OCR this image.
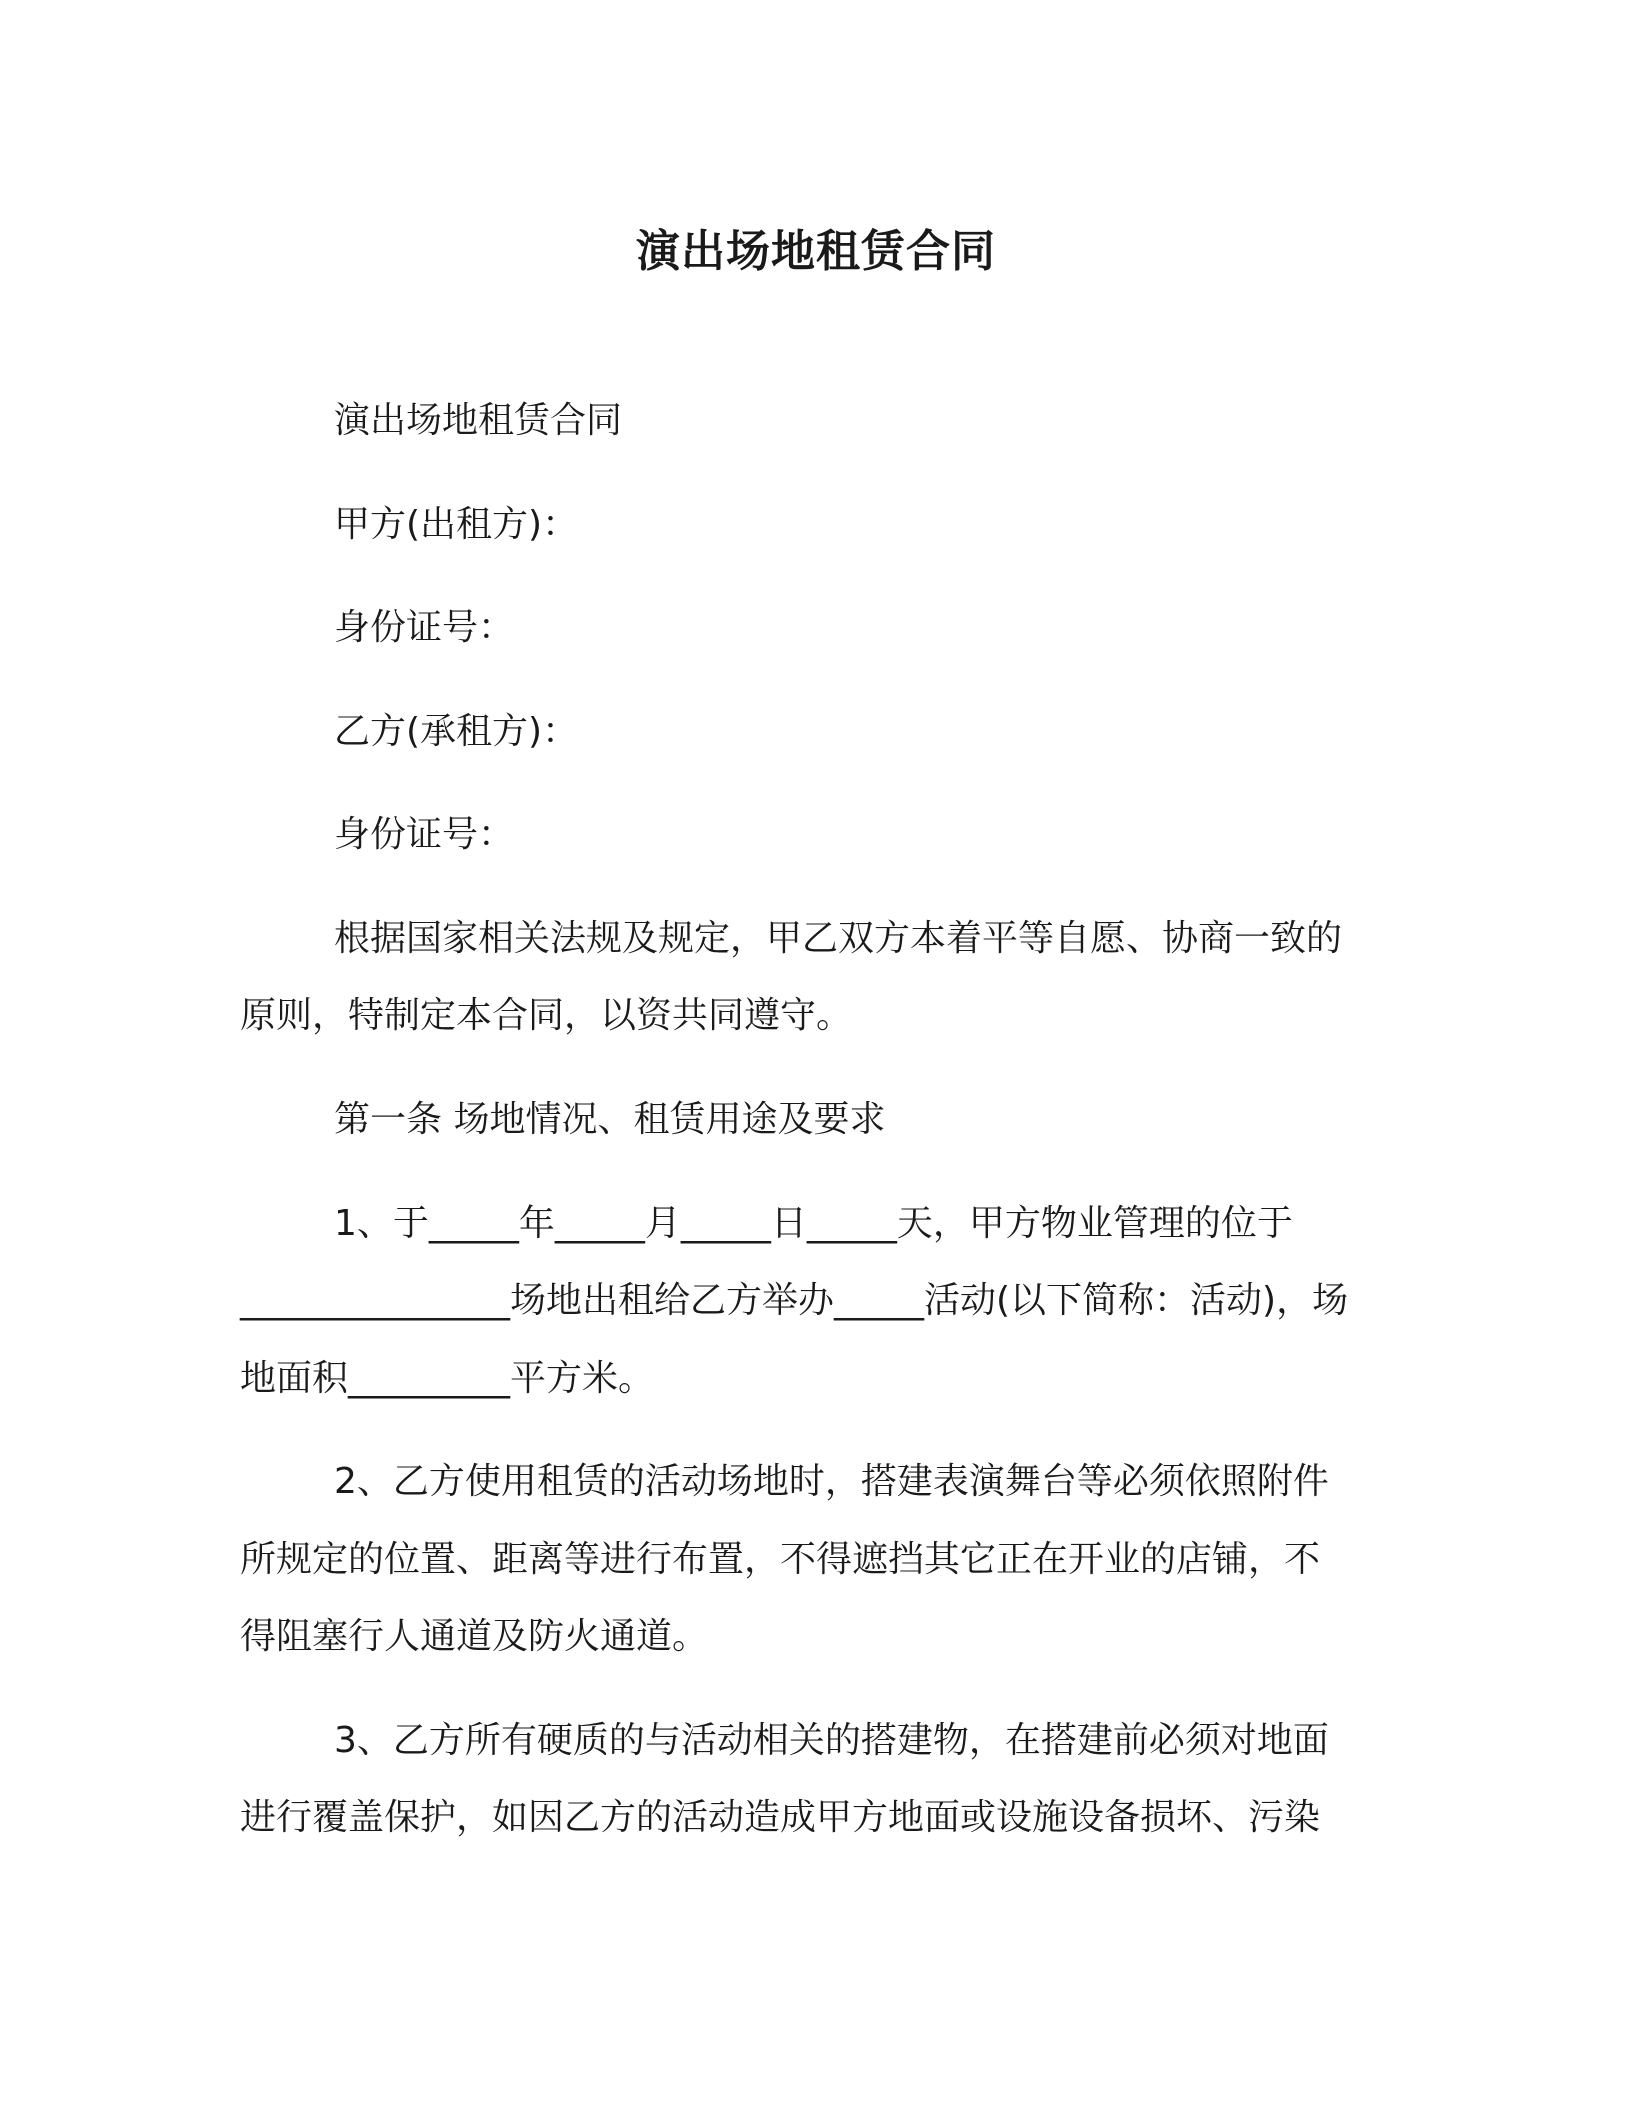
演出场地租赁合同
演出场地租赁合同
甲方(出租方)：
身份证号：
乙方(承租方)：
身份证号：
根据国家相关法规及规定，甲乙双方本着平等自愿、协商一致的
原则，特制定本合同，以资共同遵守。
第一条 场地情况、租赁用途及要求
1、于_____年_____月_____日_____天，甲方物业管理的位于
_______________场地出租给乙方举办_____活动(以下简称：活动)，场
地面积_________平方米。
2、乙方使用租赁的活动场地时，搭建表演舞台等必须依照附件
所规定的位置、距离等进行布置，不得遮挡其它正在开业的店铺，不
得阻塞行人通道及防火通道。
3、乙方所有硬质的与活动相关的搭建物，在搭建前必须对地面
进行覆盖保护，如因乙方的活动造成甲方地面或设施设备损坏、污染
